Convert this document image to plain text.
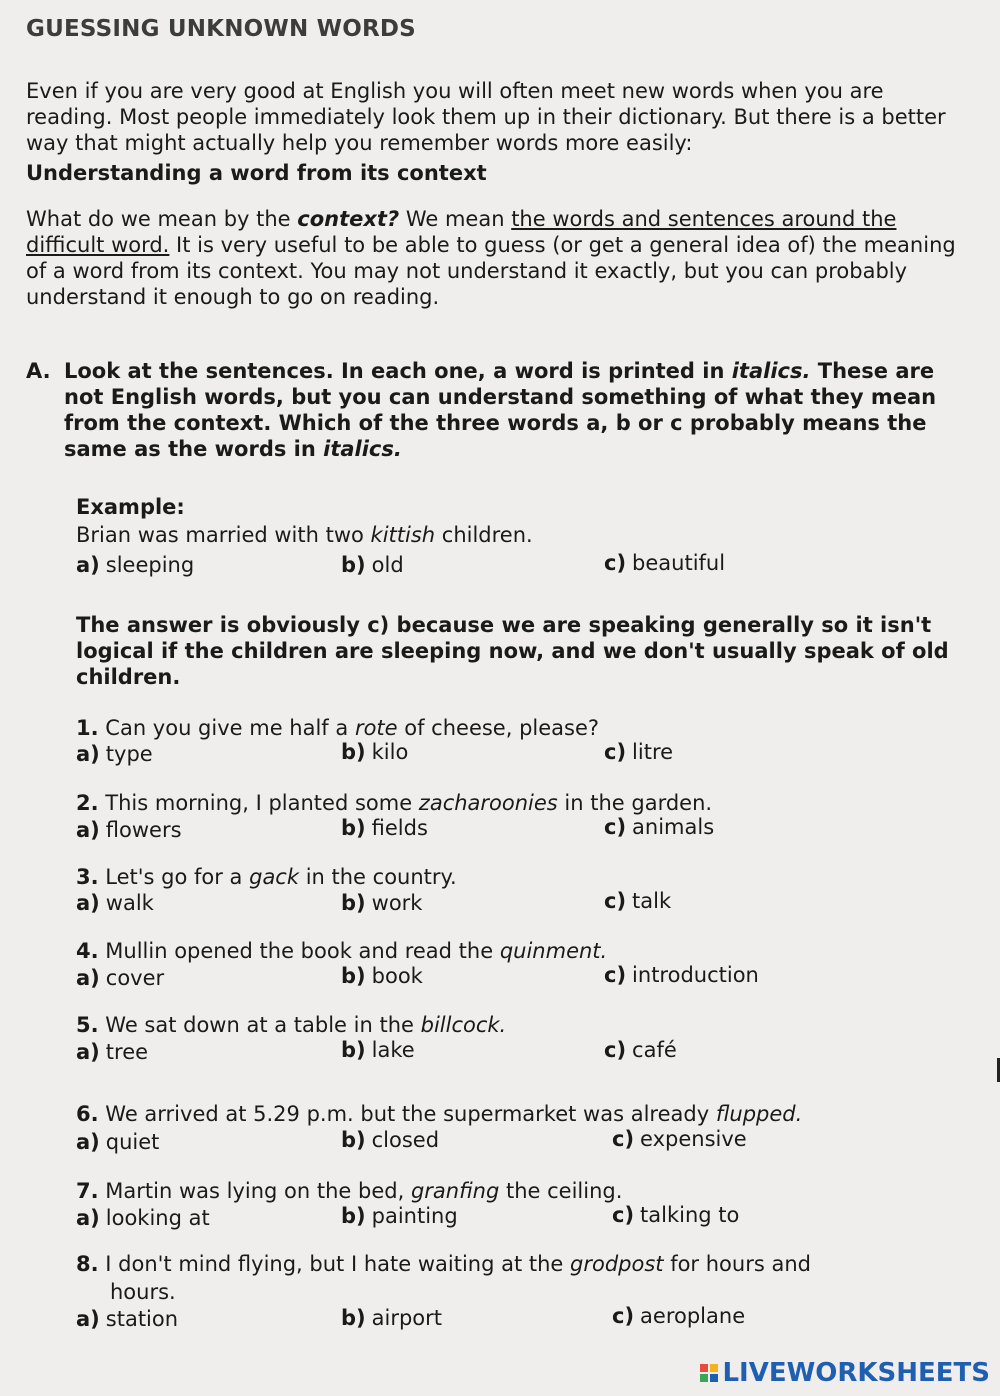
GUESSING UNKNOWN WORDS
Even if you are very good at English you will often meet new words when you are reading. Most people immediately look them up in their dictionary. But there is a better way that might actually help you remember words more easily:
Understanding a word from its context
What do we mean by the context? We mean the words and sentences around the difficult word. It is very useful to be able to guess (or get a general idea of) the meaning of a word from its context. You may not understand it exactly, but you can probably understand it enough to go on reading.
A. Look at the sentences. In each one, a word is printed in italics. These are not English words, but you can understand something of what they mean from the context. Which of the three words a, b or c probably means the same as the words in italics.
Example:
Brian was married with two kittish children.
a) sleeping	b) old	c) beautiful
The answer is obviously c) because we are speaking generally so it isn't logical if the children are sleeping now, and we don't usually speak of old children.
1. Can you give me half a rote of cheese, please?
a) type	b) kilo	c) litre
2. This morning, I planted some zacharoonies in the garden.
a) flowers	b) fields	c) animals
3. Let's go for a gack in the country.
a) walk	b) work	c) talk
4. Mullin opened the book and read the quinment.
a) cover	b) book	c) introduction
5. We sat down at a table in the billcock.
a) tree	b) lake	c) café
6. We arrived at 5.29 p.m. but the supermarket was already flupped.
a) quiet	b) closed	c) expensive
7. Martin was lying on the bed, granfing the ceiling.
a) looking at	b) painting	c) talking to
8. I don't mind flying, but I hate waiting at the grodpost for hours and
hours.
a) station	b) airport	c) aeroplane
LIVEWORKSHEETS
